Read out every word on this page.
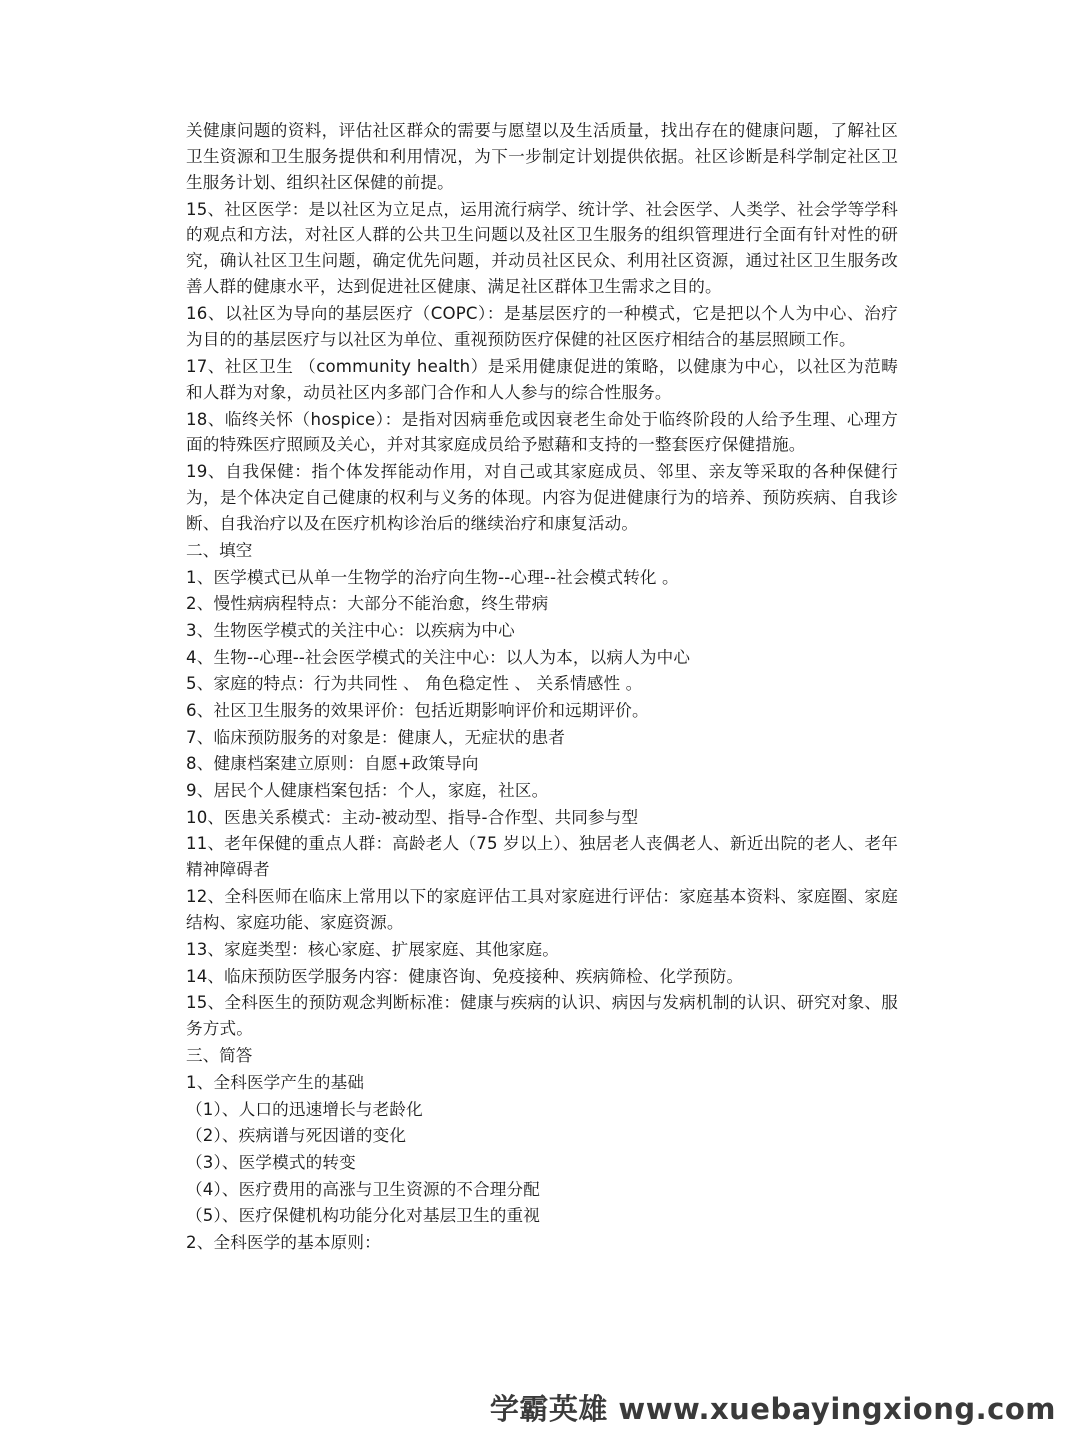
关健康问题的资料，评估社区群众的需要与愿望以及生活质量，找出存在的健康问题，了解社区卫生资源和卫生服务提供和利用情况，为下一步制定计划提供依据。社区诊断是科学制定社区卫生服务计划、组织社区保健的前提。

15、社区医学：是以社区为立足点，运用流行病学、统计学、社会医学、人类学、社会学等学科的观点和方法，对社区人群的公共卫生问题以及社区卫生服务的组织管理进行全面有针对性的研究，确认社区卫生问题，确定优先问题，并动员社区民众、利用社区资源，通过社区卫生服务改善人群的健康水平，达到促进社区健康、满足社区群体卫生需求之目的。

16、以社区为导向的基层医疗（COPC）：是基层医疗的一种模式，它是把以个人为中心、治疗为目的的基层医疗与以社区为单位、重视预防医疗保健的社区医疗相结合的基层照顾工作。

17、社区卫生 （community health）是采用健康促进的策略，以健康为中心，以社区为范畴和人群为对象，动员社区内多部门合作和人人参与的综合性服务。

18、临终关怀（hospice）：是指对因病垂危或因衰老生命处于临终阶段的人给予生理、心理方面的特殊医疗照顾及关心，并对其家庭成员给予慰藉和支持的一整套医疗保健措施。

19、自我保健：指个体发挥能动作用，对自己或其家庭成员、邻里、亲友等采取的各种保健行为，是个体决定自己健康的权利与义务的体现。内容为促进健康行为的培养、预防疾病、自我诊断、自我治疗以及在医疗机构诊治后的继续治疗和康复活动。

二、填空
1、医学模式已从单一生物学的治疗向生物--心理--社会模式转化 。
2、慢性病病程特点：大部分不能治愈，终生带病
3、生物医学模式的关注中心：以疾病为中心
4、生物--心理--社会医学模式的关注中心：以人为本，以病人为中心
5、家庭的特点：行为共同性 、 角色稳定性 、 关系情感性 。
6、社区卫生服务的效果评价：包括近期影响评价和远期评价。
7、临床预防服务的对象是：健康人，无症状的患者
8、健康档案建立原则：自愿+政策导向
9、居民个人健康档案包括：个人，家庭，社区。
10、医患关系模式：主动-被动型、指导-合作型、共同参与型

11、老年保健的重点人群：高龄老人（75 岁以上）、独居老人丧偶老人、新近出院的老人、老年精神障碍者

12、全科医师在临床上常用以下的家庭评估工具对家庭进行评估：家庭基本资料、家庭圈、家庭结构、家庭功能、家庭资源。

13、家庭类型：核心家庭、扩展家庭、其他家庭。
14、临床预防医学服务内容：健康咨询、免疫接种、疾病筛检、化学预防。

15、全科医生的预防观念判断标准：健康与疾病的认识、病因与发病机制的认识、研究对象、服务方式。

三、简答
1、全科医学产生的基础
（1）、人口的迅速增长与老龄化
（2）、疾病谱与死因谱的变化
（3）、医学模式的转变
（4）、医疗费用的高涨与卫生资源的不合理分配
（5）、医疗保健机构功能分化对基层卫生的重视
2、全科医学的基本原则：
学霸英雄 www.xuebayingxiong.com
